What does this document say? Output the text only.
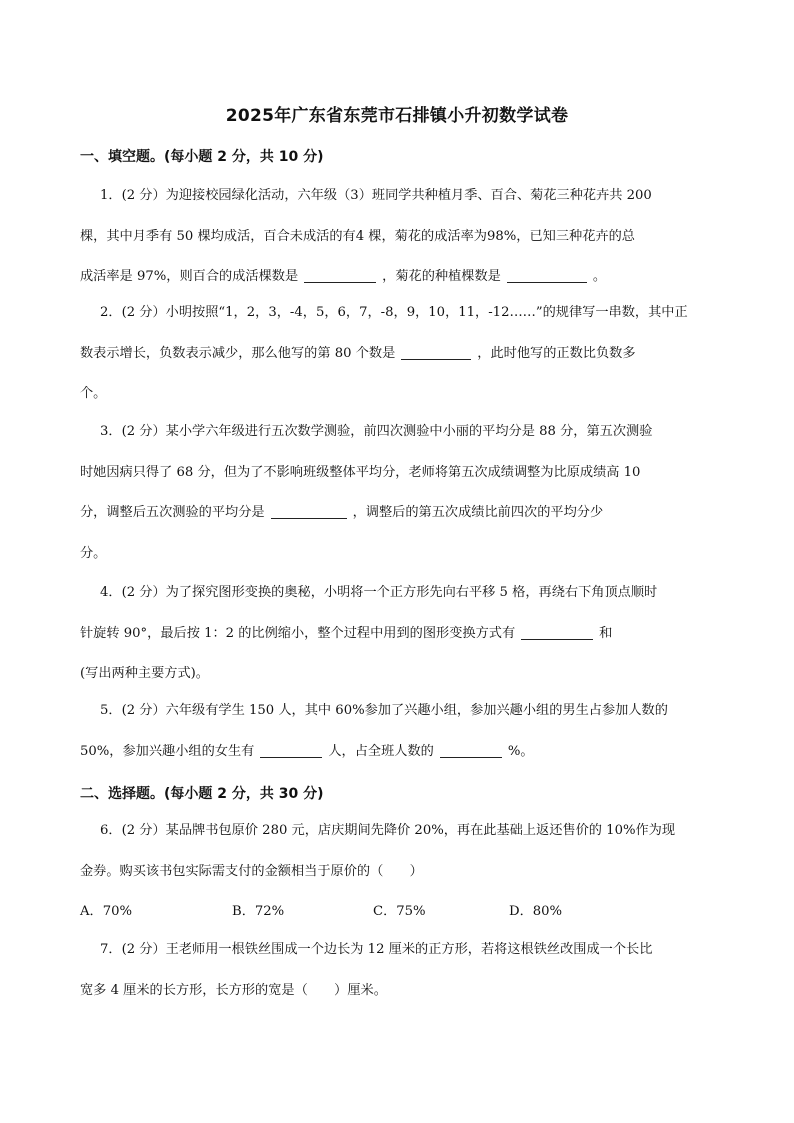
2025年广东省东莞市石排镇小升初数学试卷
一、填空题。(每小题 2 分，共 10 分)
1．(2 分）为迎接校园绿化活动，六年级（3）班同学共种植月季、百合、菊花三种花卉共 200
棵，其中月季有 50 棵均成活，百合未成活的有4 棵，菊花的成活率为98%，已知三种花卉的总
成活率是 97%，则百合的成活棵数是	，菊花的种植棵数是	。
2．(2 分）小明按照“1，2，3，-4，5，6，7，-8，9，10，11，-12……”的规律写一串数，其中正
数表示增长，负数表示减少，那么他写的第 80 个数是	，此时他写的正数比负数多
个。
3．(2 分）某小学六年级进行五次数学测验，前四次测验中小丽的平均分是 88 分，第五次测验
时她因病只得了 68 分，但为了不影响班级整体平均分，老师将第五次成绩调整为比原成绩高 10
分，调整后五次测验的平均分是	，调整后的第五次成绩比前四次的平均分少
分。
4．(2 分）为了探究图形变换的奥秘，小明将一个正方形先向右平移 5 格，再绕右下角顶点顺时
针旋转 90°，最后按 1：2 的比例缩小，整个过程中用到的图形变换方式有	和
(写出两种主要方式)。
5．(2 分）六年级有学生 150 人，其中 60%参加了兴趣小组，参加兴趣小组的男生占参加人数的
50%，参加兴趣小组的女生有	人，占全班人数的	%。
二、选择题。(每小题 2 分，共 30 分)
6．(2 分）某品牌书包原价 280 元，店庆期间先降价 20%，再在此基础上返还售价的 10%作为现
金券。购买该书包实际需支付的金额相当于原价的（　　）
A．70%	B．72%	C．75%	D．80%
7．(2 分）王老师用一根铁丝围成一个边长为 12 厘米的正方形，若将这根铁丝改围成一个长比
宽多 4 厘米的长方形，长方形的宽是（　　）厘米。
